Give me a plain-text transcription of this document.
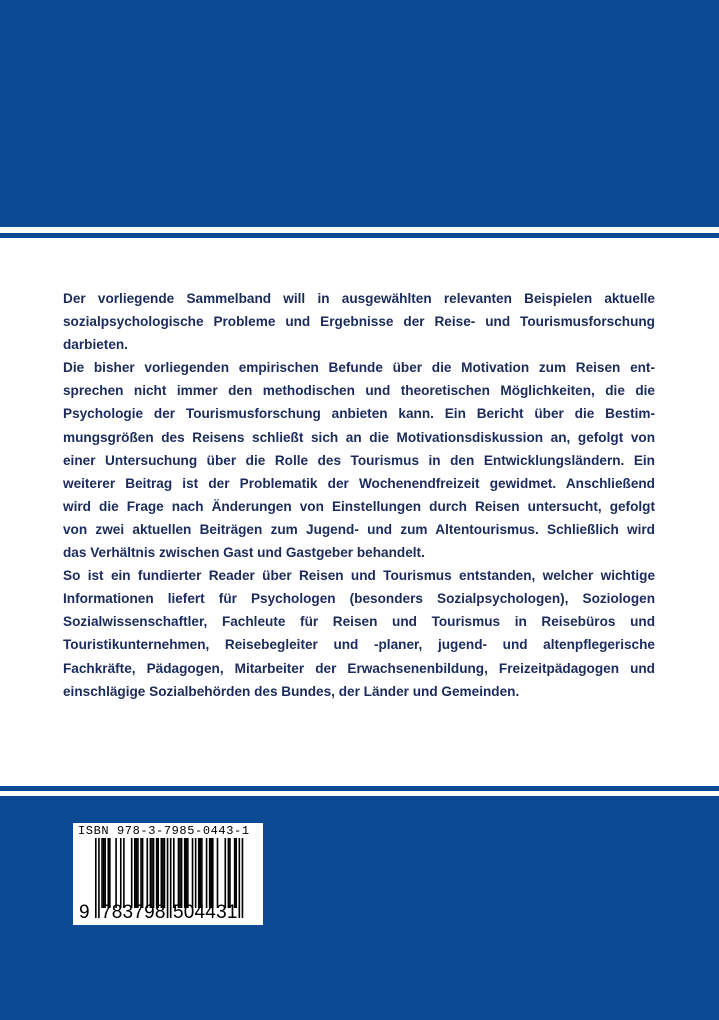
Der vorliegende Sammelband will in ausgewählten relevanten Beispielen aktuelle
sozialpsychologische Probleme und Ergebnisse der Reise- und Tourismusforschung
darbieten.
Die bisher vorliegenden empirischen Befunde über die Motivation zum Reisen ent-
sprechen nicht immer den methodischen und theoretischen Möglichkeiten, die die
Psychologie der Tourismusforschung anbieten kann. Ein Bericht über die Bestim-
mungsgrößen des Reisens schließt sich an die Motivationsdiskussion an, gefolgt von
einer Untersuchung über die Rolle des Tourismus in den Entwicklungsländern. Ein
weiterer Beitrag ist der Problematik der Wochenendfreizeit gewidmet. Anschließend
wird die Frage nach Änderungen von Einstellungen durch Reisen untersucht, gefolgt
von zwei aktuellen Beiträgen zum Jugend- und zum Altentourismus. Schließlich wird
das Verhältnis zwischen Gast und Gastgeber behandelt.
So ist ein fundierter Reader über Reisen und Tourismus entstanden, welcher wichtige
Informationen liefert für Psychologen (besonders Sozialpsychologen), Soziologen
Sozialwissenschaftler, Fachleute für Reisen und Tourismus in Reisebüros und
Touristikunternehmen, Reisebegleiter und -planer, jugend- und altenpflegerische
Fachkräfte, Pädagogen, Mitarbeiter der Erwachsenenbildung, Freizeitpädagogen und
einschlägige Sozialbehörden des Bundes, der Länder und Gemeinden.
ISBN 978-3-7985-0443-1
9 783798 504431
